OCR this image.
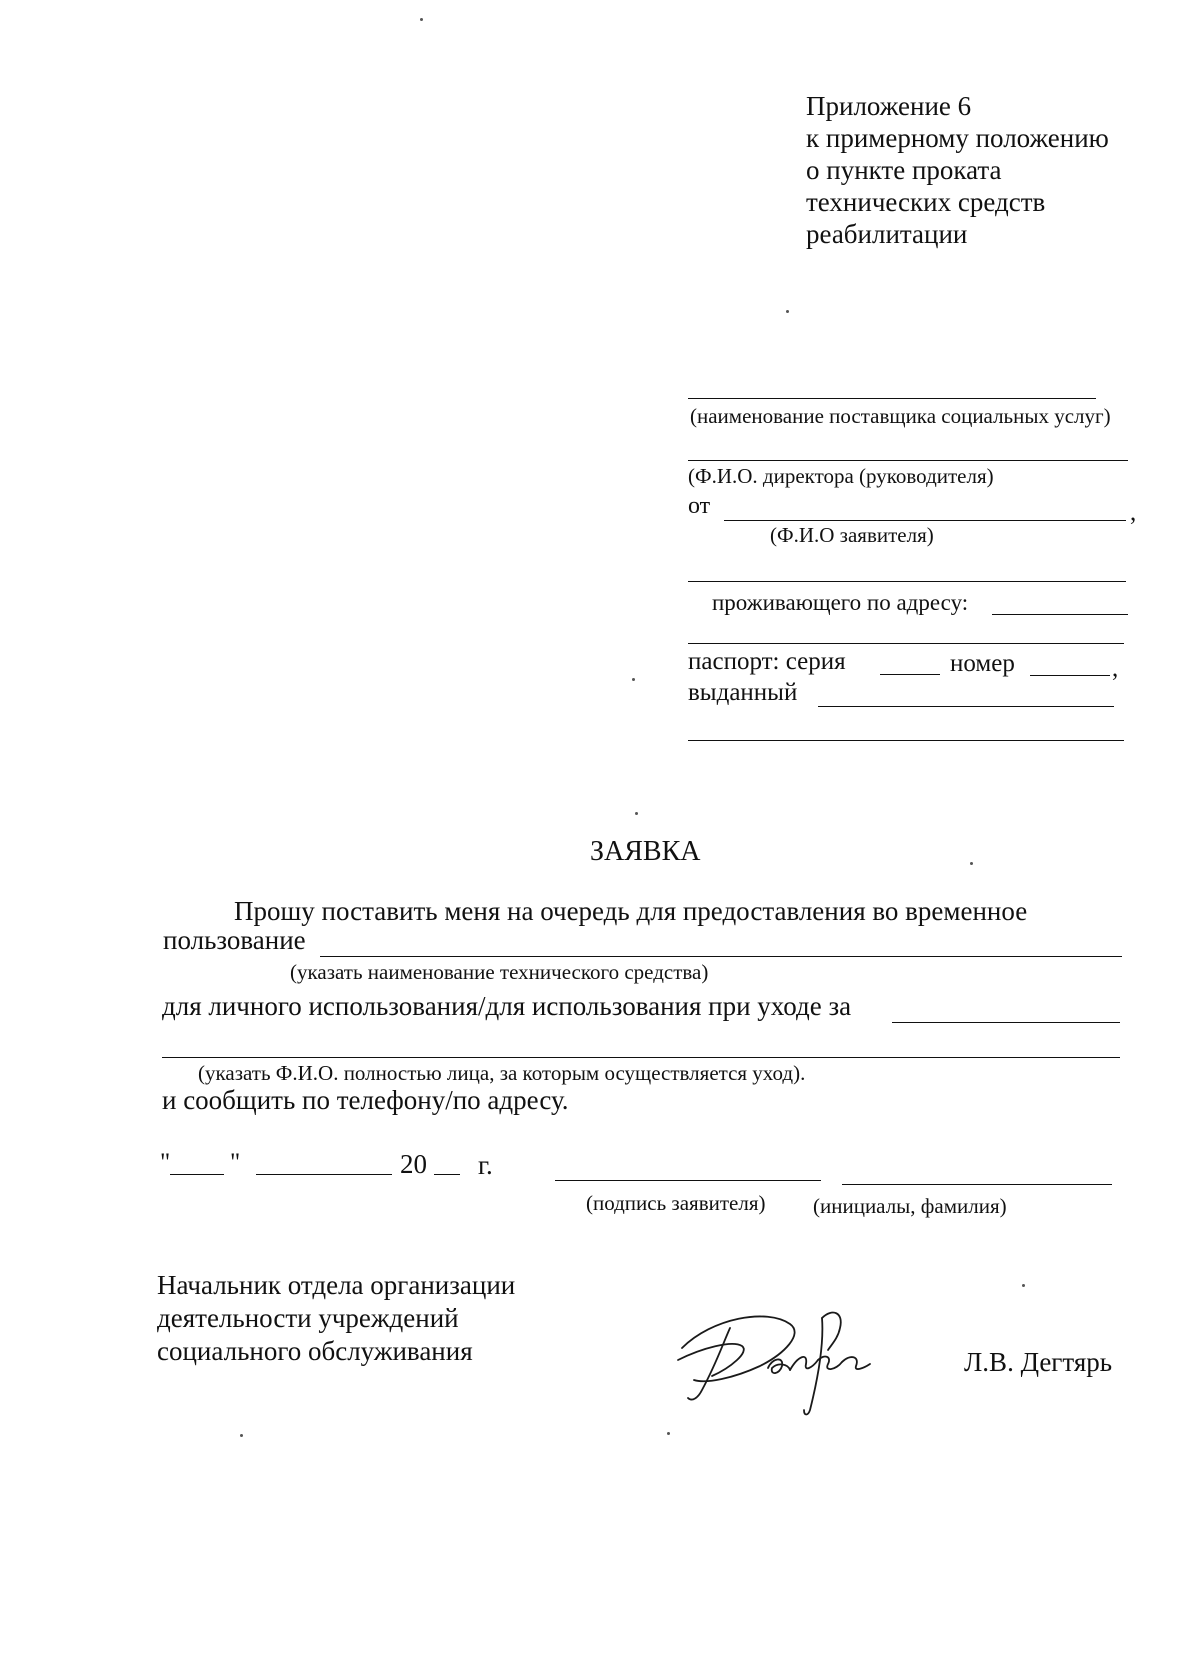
Приложение 6
к примерному положению
о пункте проката
технических средств
реабилитации
(наименование поставщика социальных услуг)
(Ф.И.О. директора (руководителя)
от	,
(Ф.И.О заявителя)
проживающего по адресу:
паспорт: серия	номер	,
выданный
ЗАЯВКА
Прошу поставить меня на очередь для предоставления во временное
пользование
(указать наименование технического средства)
для личного использования/для использования при уходе за
(указать Ф.И.О. полностью лица, за которым осуществляется уход).
и сообщить по телефону/по адресу.
" "	20 г.
(подпись заявителя) (инициалы, фамилия)
Начальник отдела организации
деятельности учреждений
социального обслуживания	Л.В. Дегтярь
